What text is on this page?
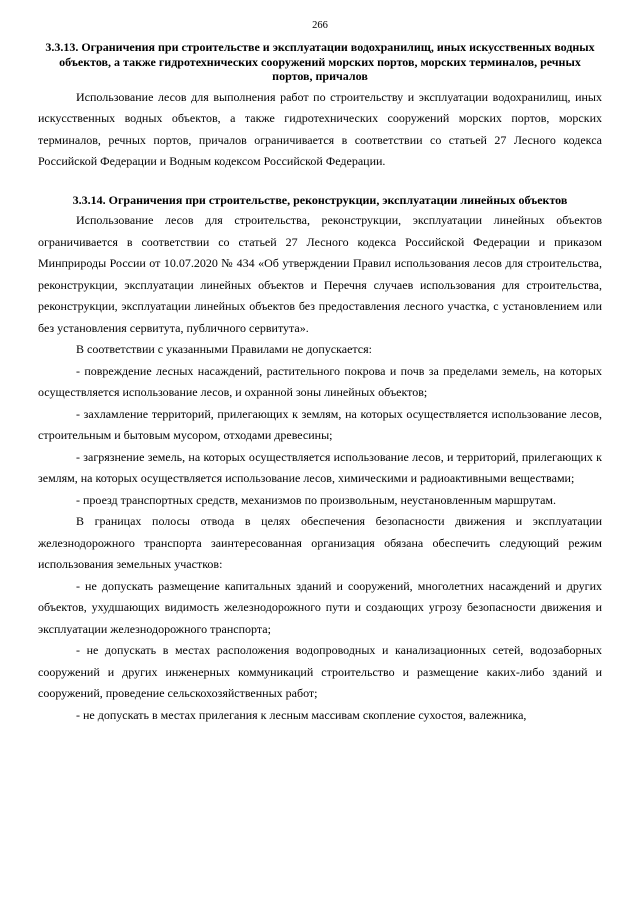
266

3.3.13. Ограничения при строительстве и эксплуатации водохранилищ, иных искусственных водных объектов, а также гидротехнических сооружений морских портов, морских терминалов, речных портов, причалов

Использование лесов для выполнения работ по строительству и эксплуатации водохранилищ, иных искусственных водных объектов, а также гидротехнических сооружений морских портов, морских терминалов, речных портов, причалов ограничивается в соответствии со статьей 27 Лесного кодекса Российской Федерации и Водным кодексом Российской Федерации.

3.3.14. Ограничения при строительстве, реконструкции, эксплуатации линейных объектов

Использование лесов для строительства, реконструкции, эксплуатации линейных объектов ограничивается в соответствии со статьей 27 Лесного кодекса Российской Федерации и приказом Минприроды России от 10.07.2020 № 434 «Об утверждении Правил использования лесов для строительства, реконструкции, эксплуатации линейных объектов и Перечня случаев использования для строительства, реконструкции, эксплуатации линейных объектов без предоставления лесного участка, с установлением или без установления сервитута, публичного сервитута».

В соответствии с указанными Правилами не допускается:

- повреждение лесных насаждений, растительного покрова и почв за пределами земель, на которых осуществляется использование лесов, и охранной зоны линейных объектов;

- захламление территорий, прилегающих к землям, на которых осуществляется использование лесов, строительным и бытовым мусором, отходами древесины;

- загрязнение земель, на которых осуществляется использование лесов, и территорий, прилегающих к землям, на которых осуществляется использование лесов, химическими и радиоактивными веществами;

- проезд транспортных средств, механизмов по произвольным, неустановленным маршрутам.

В границах полосы отвода в целях обеспечения безопасности движения и эксплуатации железнодорожного транспорта заинтересованная организация обязана обеспечить следующий режим использования земельных участков:

- не допускать размещение капитальных зданий и сооружений, многолетних насаждений и других объектов, ухудшающих видимость железнодорожного пути и создающих угрозу безопасности движения и эксплуатации железнодорожного транспорта;

- не допускать в местах расположения водопроводных и канализационных сетей, водозаборных сооружений и других инженерных коммуникаций строительство и размещение каких-либо зданий и сооружений, проведение сельскохозяйственных работ;

- не допускать в местах прилегания к лесным массивам скопление сухостоя, валежника,
